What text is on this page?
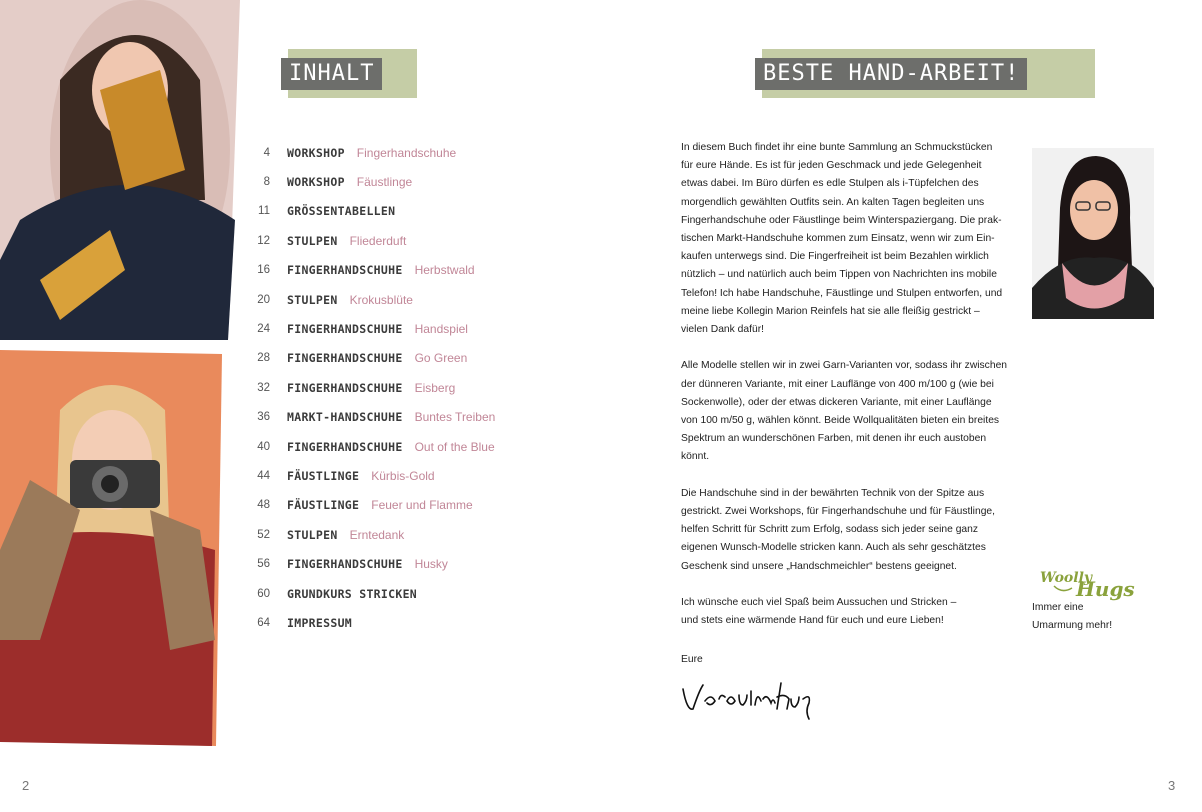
INHALT
4 WORKSHOP Fingerhandschuhe
8 WORKSHOP Fäustlinge
11 GRÖSSENTABELLEN
12 STULPEN Fliederduft
16 FINGERHANDSCHUHE Herbstwald
20 STULPEN Krokusblüte
24 FINGERHANDSCHUHE Handspiel
28 FINGERHANDSCHUHE Go Green
32 FINGERHANDSCHUHE Eisberg
36 MARKT-HANDSCHUHE Buntes Treiben
40 FINGERHANDSCHUHE Out of the Blue
44 FÄUSTLINGE Kürbis-Gold
48 FÄUSTLINGE Feuer und Flamme
52 STULPEN Erntedank
56 FINGERHANDSCHUHE Husky
60 GRUNDKURS STRICKEN
64 IMPRESSUM
BESTE HAND-ARBEIT!

In diesem Buch findet ihr eine bunte Sammlung an Schmuckstücken
für eure Hände. Es ist für jeden Geschmack und jede Gelegenheit
etwas dabei. Im Büro dürfen es edle Stulpen als i-Tüpfelchen des
morgendlich gewählten Outfits sein. An kalten Tagen begleiten uns
Fingerhandschuhe oder Fäustlinge beim Winterspaziergang. Die prak-
tischen Markt-Handschuhe kommen zum Einsatz, wenn wir zum Ein-
kaufen unterwegs sind. Die Fingerfreiheit ist beim Bezahlen wirklich
nützlich – und natürlich auch beim Tippen von Nachrichten ins mobile
Telefon! Ich habe Handschuhe, Fäustlinge und Stulpen entworfen, und
meine liebe Kollegin Marion Reinfels hat sie alle fleißig gestrickt –
vielen Dank dafür!

Alle Modelle stellen wir in zwei Garn-Varianten vor, sodass ihr zwischen
der dünneren Variante, mit einer Lauflänge von 400 m/100 g (wie bei
Sockenwolle), oder der etwas dickeren Variante, mit einer Lauflänge
von 100 m/50 g, wählen könnt. Beide Wollqualitäten bieten ein breites
Spektrum an wunderschönen Farben, mit denen ihr euch austoben
könnt.

Die Handschuhe sind in der bewährten Technik von der Spitze aus
gestrickt. Zwei Workshops, für Fingerhandschuhe und für Fäustlinge,
helfen Schritt für Schritt zum Erfolg, sodass sich jeder seine ganz
eigenen Wunsch-Modelle stricken kann. Auch als sehr geschätztes
Geschenk sind unsere „Handschmeichler“ bestens geeignet.

Ich wünsche euch viel Spaß beim Aussuchen und Stricken –
und stets eine wärmende Hand für euch und eure Lieben!

Eure
Woolly
Hugs
Immer eine
Umarmung mehr!
2	3
